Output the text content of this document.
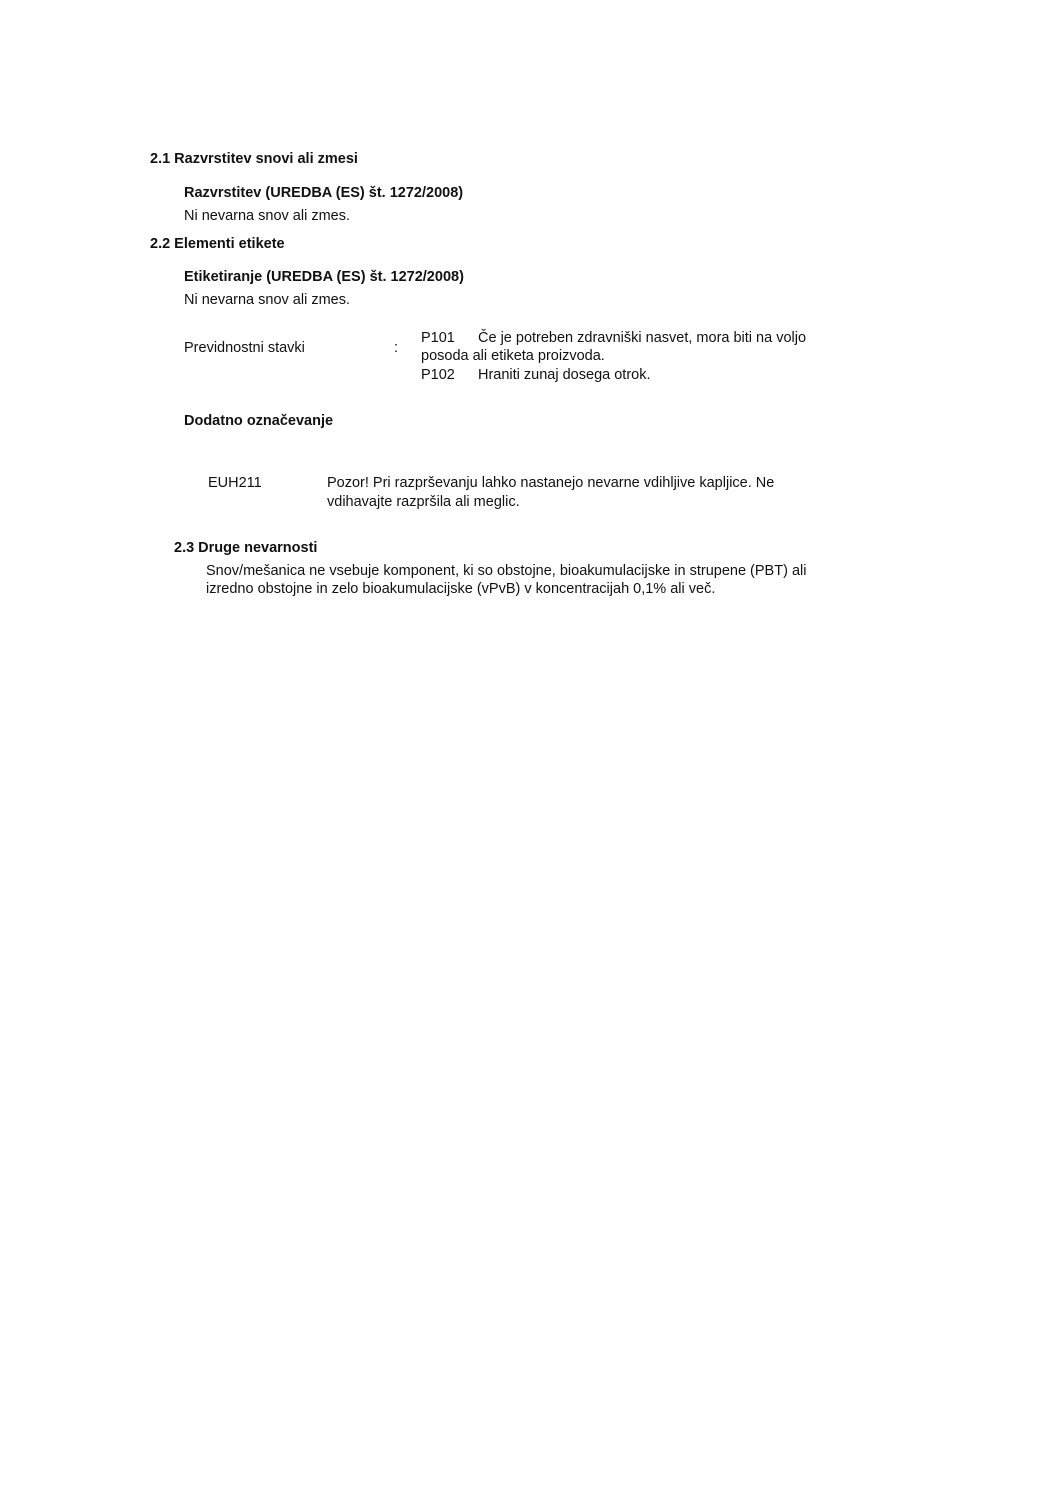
2.1 Razvrstitev snovi ali zmesi
Razvrstitev (UREDBA (ES) št. 1272/2008)
Ni nevarna snov ali zmes.
2.2 Elementi etikete
Etiketiranje (UREDBA (ES) št. 1272/2008)
Ni nevarna snov ali zmes.
Previdnostni stavki	:
P101 Če je potreben zdravniški nasvet, mora biti na voljo
posoda ali etiketa proizvoda.
P102 Hraniti zunaj dosega otrok.
Dodatno označevanje
EUH211	Pozor! Pri razprševanju lahko nastanejo nevarne vdihljive kapljice. Ne
vdihavajte razpršila ali meglic.
2.3 Druge nevarnosti
Snov/mešanica ne vsebuje komponent, ki so obstojne, bioakumulacijske in strupene (PBT) ali
izredno obstojne in zelo bioakumulacijske (vPvB) v koncentracijah 0,1% ali več.
